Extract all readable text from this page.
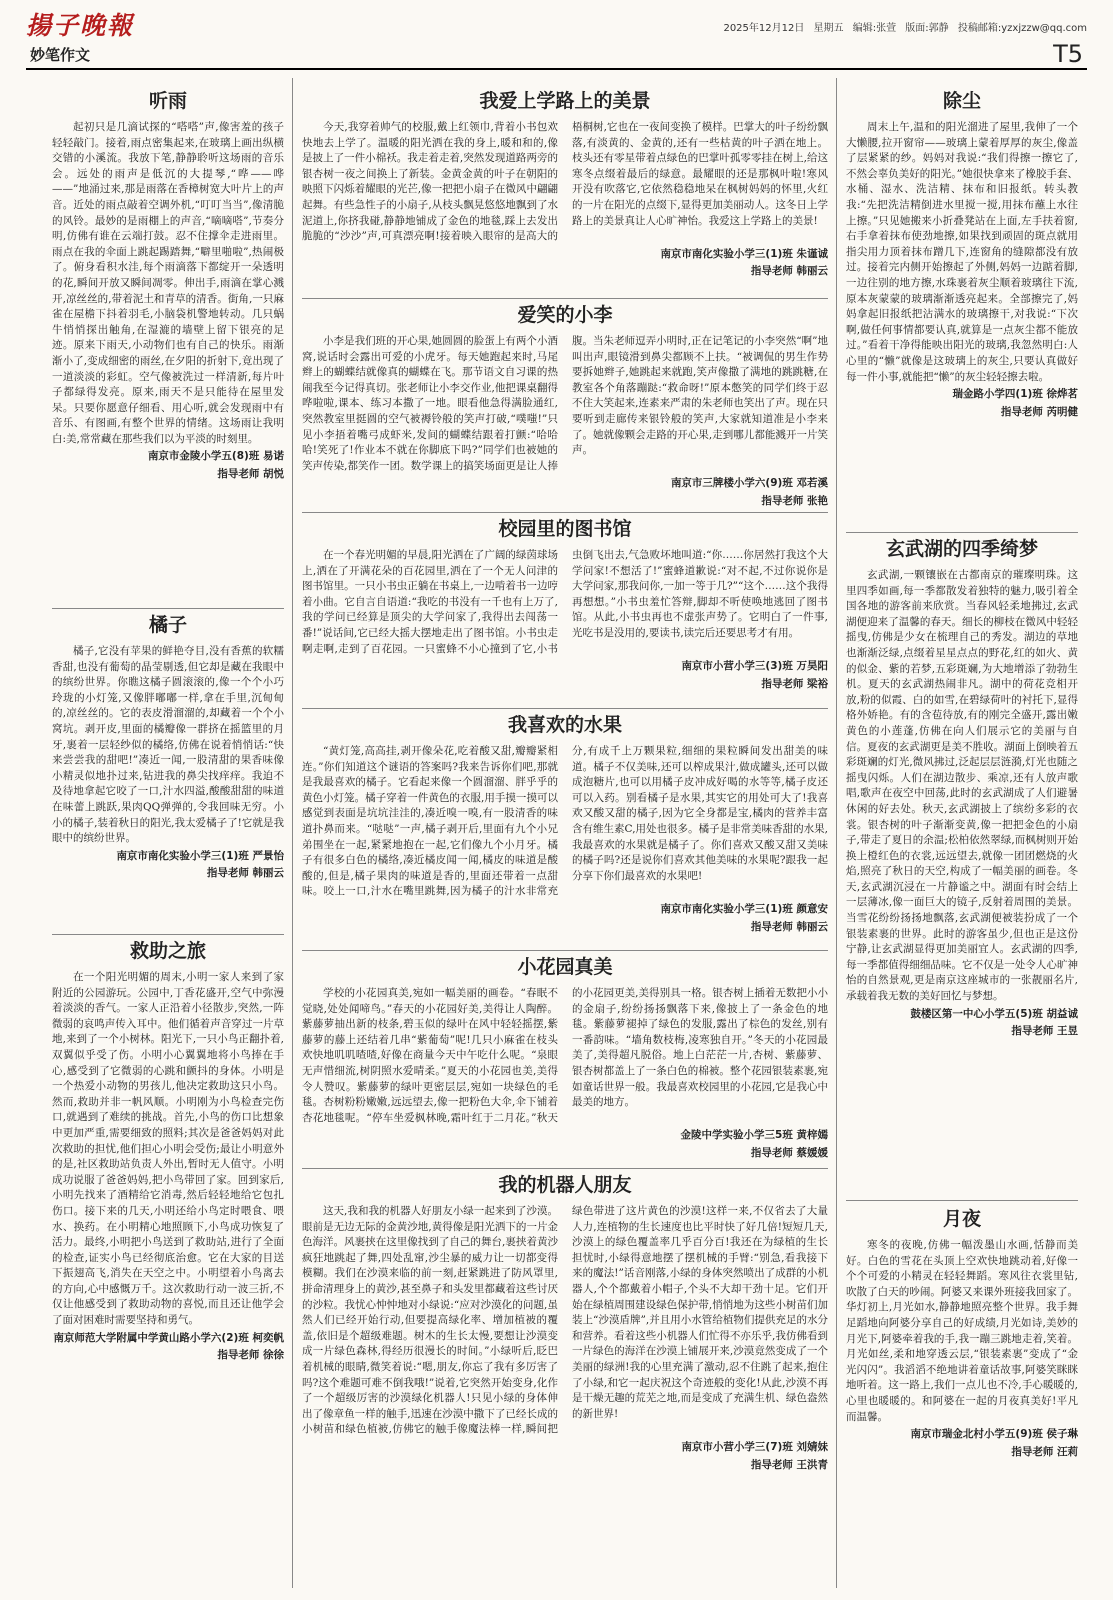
揚子晚報	2025年12月12日 星期五 编辑:张萱 版面:郭静 投稿邮箱:yzxjzzw@qq.com
妙笔作文	T5
听雨

起初只是几滴试探的“嗒嗒”声,像害羞的孩子轻轻敲门。接着,雨点密集起来,在玻璃上画出纵横交错的小溪流。我放下笔,静静聆听这场雨的音乐会。远处的雨声是低沉的大提琴,“哗——哗——”地涌过来,那是雨落在香樟树宽大叶片上的声音。近处的雨点敲着空调外机,“叮叮当当”,像清脆的风铃。最妙的是雨棚上的声音,“嘀嘀嗒”,节奏分明,仿佛有谁在云端打鼓。忍不住撑伞走进雨里。雨点在我的伞面上跳起踢踏舞,“噼里啪啦”,热闹极了。俯身看积水洼,每个雨滴落下都绽开一朵透明的花,瞬间开放又瞬间凋零。伸出手,雨滴在掌心溅开,凉丝丝的,带着泥土和青草的清香。街角,一只麻雀在屋檐下抖着羽毛,小脑袋机警地转动。几只蜗牛悄悄探出触角,在湿漉的墙壁上留下银亮的足迹。原来下雨天,小动物们也有自己的快乐。雨渐渐小了,变成细密的雨丝,在夕阳的折射下,竟出现了一道淡淡的彩虹。空气像被洗过一样清新,每片叶子都绿得发亮。原来,雨天不是只能待在屋里发呆。只要你愿意仔细看、用心听,就会发现雨中有音乐、有图画,有整个世界的情绪。这场雨让我明白:美,常常藏在那些我们以为平淡的时刻里。

南京市金陵小学五(8)班 易诺
指导老师 胡悦
橘子

橘子,它没有苹果的鲜艳夺目,没有香蕉的软糯香甜,也没有葡萄的晶莹剔透,但它却是藏在我眼中的缤纷世界。你瞧这橘子圆滚滚的,像一个个小巧玲珑的小灯笼,又像胖嘟嘟一样,拿在手里,沉甸甸的,凉丝丝的。它的表皮滑溜溜的,却藏着一个个小窝坑。剥开皮,里面的橘瓣像一群挤在摇篮里的月牙,裹着一层轻纱似的橘络,仿佛在说着悄悄话:“快来尝尝我的甜吧!”凑近一闻,一股清甜的果香味像小精灵似地扑过来,钻进我的鼻尖找痒痒。我迫不及待地拿起它咬了一口,汁水四溢,酸酸甜甜的味道在味蕾上跳跃,果肉QQ弹弹的,令我回味无穷。小小的橘子,装着秋日的阳光,我太爱橘子了!它就是我眼中的缤纷世界。

南京市南化实验小学三(1)班 严景怡
指导老师 韩丽云
救助之旅

在一个阳光明媚的周末,小明一家人来到了家附近的公园游玩。公园中,丁香花盛开,空气中弥漫着淡淡的香气。一家人正沿着小径散步,突然,一阵微弱的哀鸣声传入耳中。他们循着声音穿过一片草地,来到了一个小树林。阳光下,一只小鸟正翻扑着,双翼似乎受了伤。小明小心翼翼地将小鸟捧在手心,感受到了它微弱的心跳和颤抖的身体。小明是一个热爱小动物的男孩儿,他决定救助这只小鸟。然而,救助并非一帆风顺。小明刚为小鸟检查完伤口,就遇到了难续的挑战。首先,小鸟的伤口比想象中更加严重,需要细致的照料;其次是爸爸妈妈对此次救助的担忧,他们担心小明会受伤;最让小明意外的是,社区救助站负责人外出,暂时无人值守。小明成功说服了爸爸妈妈,把小鸟带回了家。回到家后,小明先找来了酒精给它消毒,然后轻轻地给它包扎伤口。接下来的几天,小明还给小鸟定时喂食、喂水、换药。在小明精心地照顾下,小鸟成功恢复了活力。最终,小明把小鸟送到了救助站,进行了全面的检查,证实小鸟已经彻底治愈。它在大家的目送下振翅高飞,消失在天空之中。小明望着小鸟离去的方向,心中感慨万千。这次救助行动一波三折,不仅让他感受到了救助动物的喜悦,而且还让他学会了面对困难时需要坚持和勇气。

南京师范大学附属中学黄山路小学六(2)班 柯奕帆
指导老师 徐徐
我爱上学路上的美景

今天,我穿着帅气的校服,戴上红领巾,背着小书包欢快地去上学了。温暖的阳光洒在我的身上,暖和和的,像是披上了一件小棉袄。我走着走着,突然发现道路两旁的银杏树一夜之间换上了新装。金黄金黄的叶子在朝阳的映照下闪烁着耀眼的光芒,像一把把小扇子在微风中翩翩起舞。有些急性子的小扇子,从枝头飘晃悠悠地飘到了水泥道上,你挤我碰,静静地铺成了金色的地毯,踩上去发出脆脆的“沙沙”声,可真漂亮啊!接着映入眼帘的是高大的梧桐树,它也在一夜间变换了模样。巴掌大的叶子纷纷飘落,有淡黄的、金黄的,还有一些枯黄的叶子洒在地上。枝头还有零星带着点绿色的巴掌叶孤零零挂在树上,给这寒冬点缀着最后的绿意。最耀眼的还是那枫叶啦!寒风开没有吹落它,它依然稳稳地呆在枫树妈妈的怀里,火红的一片在阳光的点缀下,显得更加美丽动人。这冬日上学路上的美景真让人心旷神怡。我爱这上学路上的美景!

南京市南化实验小学三(1)班 朱谨诚
指导老师 韩丽云
爱笑的小李

小李是我们班的开心果,她圆圆的脸蛋上有两个小酒窝,说话时会露出可爱的小虎牙。每天她跑起来时,马尾辫上的蝴蝶结就像真的蝴蝶在飞。那节语文自习课的热闹我至今记得真切。张老师让小李交作业,他把课桌翻得哗啦啦,课本、练习本撒了一地。眼看他急得满脸通红,突然教室里挺圆的空气被褥铃般的笑声打破,“噗嗤!”只见小李捂着嘴弓成虾米,发间的蝴蝶结跟着打颤:“哈哈哈!笑死了!作业本不就在你脚底下吗?”同学们也被她的笑声传染,都笑作一团。数学课上的搞笑场面更是让人捧腹。当朱老师逗弄小明时,正在记笔记的小李突然“啊”地叫出声,眼镜滑到鼻尖都顾不上扶。“被调侃的男生作势要拆她辫子,她跳起来就跑,笑声像撒了满地的跳跳糖,在教室各个角落蹦跶:“救命呀!”原本憋笑的同学们终于忍不住大笑起来,连素来严肃的朱老师也笑出了声。现在只要听到走廊传来银铃般的笑声,大家就知道准是小李来了。她就像颗会走路的开心果,走到哪儿都能溅开一片笑声。

南京市三牌楼小学六(9)班 邓若溪
指导老师 张艳
校园里的图书馆

在一个春光明媚的早晨,阳光洒在了广阔的绿茵球场上,洒在了开满花朵的百花园里,洒在了一个无人问津的图书馆里。一只小书虫正躺在书桌上,一边啃着书一边哼着小曲。它自言自语道:“我吃的书没有一千也有上万了,我的学问已经算是顶尖的大学问家了,我得出去闯荡一番!”说话间,它已经大摇大摆地走出了图书馆。小书虫走啊走啊,走到了百花园。一只蜜蜂不小心撞到了它,小书虫倒飞出去,气急败坏地叫道:“你……你居然打我这个大学问家!不想活了!”蜜蜂道歉说:“对不起,不过你说你是大学问家,那我问你,一加一等于几?”“这个……这个我得再想想。”小书虫羞忙答辩,脚却不听使唤地逃回了图书馆。从此,小书虫再也不虚张声势了。它明白了一件事,光吃书是没用的,要读书,读完后还要思考才有用。

南京市小营小学三(3)班 万昊阳
指导老师 梁裕
我喜欢的水果

“黄灯笼,高高挂,剥开像朵花,吃着酸又甜,瓣瓣紧相连。”你们知道这个谜语的答案吗?我来告诉你们吧,那就是我最喜欢的橘子。它看起来像一个圆溜溜、胖乎乎的黄色小灯笼。橘子穿着一件黄色的衣服,用手摸一摸可以感觉到表面是坑坑洼洼的,凑近嗅一嗅,有一股清香的味道扑鼻而来。“哒哒”一声,橘子剥开后,里面有九个小兄弟围坐在一起,紧紧地抱在一起,它们像九个小月牙。橘子有很多白色的橘络,凑近橘皮闻一闻,橘皮的味道是酸酸的,但是,橘子果肉的味道是香的,里面还带着一点甜味。咬上一口,汁水在嘴里跳舞,因为橘子的汁水非常充分,有成千上万颗果粒,细细的果粒瞬间发出甜美的味道。橘子不仅美味,还可以榨成果汁,做成罐头,还可以做成泡糖片,也可以用橘子皮冲成好喝的水等等,橘子皮还可以入药。别看橘子是水果,其实它的用处可大了!我喜欢又酸又甜的橘子,因为它全身都是宝,橘肉的营养丰富含有维生素C,用处也很多。橘子是非常美味香甜的水果,我最喜欢的水果就是橘子了。你们喜欢又酸又甜又美味的橘子吗?还是说你们喜欢其他美味的水果呢?跟我一起分享下你们最喜欢的水果吧!

南京市南化实验小学三(1)班 颜意安
指导老师 韩丽云
小花园真美

学校的小花园真美,宛如一幅美丽的画卷。“春眠不觉晓,处处闻啼鸟。”春天的小花园好美,美得让人陶醉。紫藤萝抽出新的枝条,碧玉似的绿叶在风中轻轻摇摆,紫藤萝的藤上还结着几串“紫葡萄”呢!几只小麻雀在枝头欢快地叽叽喳喳,好像在商量今天中午吃什么呢。“泉眼无声惜细流,树阴照水爱晴柔。”夏天的小花园也美,美得令人赞叹。紫藤萝的绿叶更密层层,宛如一块绿色的毛毯。杏树粉粉嫩嫩,远远望去,像一把粉色大伞,伞下铺着杏花地毯呢。“停车坐爱枫林晚,霜叶红于二月花。”秋天的小花园更美,美得别具一格。银杏树上插着无数把小小的金扇子,纷纷扬扬飘落下来,像披上了一条金色的地毯。紫藤萝褪掉了绿色的发服,露出了棕色的发丝,别有一番韵味。“墙角数枝梅,凌寒独自开。”冬天的小花园最美了,美得超凡脱俗。地上白茫茫一片,杏树、紫藤萝、银杏树都盖上了一条白色的棉被。整个花园银装素裹,宛如童话世界一般。我最喜欢校园里的小花园,它是我心中最美的地方。

金陵中学实验小学三5班 黄梓嫣
指导老师 蔡媛媛
我的机器人朋友

这天,我和我的机器人好朋友小绿一起来到了沙漠。眼前是无边无际的金黄沙地,黄得像是阳光洒下的一片金色海洋。风裹挟在这里像找到了自己的舞台,裹挟着黄沙疯狂地跳起了舞,四处乱窜,沙尘暴的威力让一切都变得模糊。我们在沙漠来临的前一刻,赶紧跳进了防风罩里,拼命清理身上的黄沙,甚至鼻子和头发里都藏着这些讨厌的沙粒。我忧心忡忡地对小绿说:“应对沙漠化的问题,虽然人们已经开始行动,但要提高绿化率、增加植被的覆盖,依旧是个超级难题。树木的生长太慢,要想让沙漠变成一片绿色森林,得经历很漫长的时间。”小绿听后,眨巴着机械的眼睛,微笑着说:“嗯,朋友,你忘了我有多厉害了吗?这个难题可难不倒我哦!”说着,它突然开始变身,化作了一个超级厉害的沙漠绿化机器人!只见小绿的身体伸出了像章鱼一样的触手,迅速在沙漠中撒下了已经长成的小树苗和绿色植被,仿佛它的触手像魔法棒一样,瞬间把绿色带进了这片黄色的沙漠!这样一来,不仅省去了大量人力,连植物的生长速度也比平时快了好几倍!短短几天,沙漠上的绿色覆盖率几乎百分百!我还在为绿植的生长担忧时,小绿得意地摆了摆机械的手臂:“别急,看我接下来的魔法!”话音刚落,小绿的身体突然喷出了成群的小机器人,个个都戴着小帽子,个头不大却干劲十足。它们开始在绿植周围建设绿色保护带,悄悄地为这些小树苗们加装上“沙漠盾牌”,并且用小水管给植物们提供充足的水分和营养。看着这些小机器人们忙得不亦乐乎,我仿佛看到一片绿色的海洋在沙漠上铺展开来,沙漠竟然变成了一个美丽的绿洲!我的心里充满了激动,忍不住跳了起来,抱住了小绿,和它一起庆祝这个奇迹般的变化!从此,沙漠不再是干燥无趣的荒芜之地,而是变成了充满生机、绿色盎然的新世界!

南京市小营小学三(7)班 刘婧妹
指导老师 王洪青
除尘

周末上午,温和的阳光溜进了屋里,我伸了一个大懒腰,拉开窗帘——玻璃上蒙着厚厚的灰尘,像盖了层紧紧的纱。妈妈对我说:“我们得擦一擦它了,不然会辜负美好的阳光。”她很快拿来了橡胶手套、水桶、湿水、洗洁精、抹布和旧报纸。转头教我:“先把洗洁精倒进水里搅一搅,用抹布蘸上水往上擦。”只见她搬来小折叠凳站在上面,左手扶着窗,右手拿着抹布使劲地擦,如果找到顽固的斑点就用指尖用力顶着抹布蹭几下,连窗角的缝隙都没有放过。接着完内侧开始擦起了外侧,妈妈一边踮着脚,一边往别的地方擦,水珠裹着灰尘顺着玻璃往下流,原本灰蒙蒙的玻璃渐渐透亮起来。全部擦完了,妈妈拿起旧报纸把沾满水的玻璃擦干,对我说:“下次啊,做任何事情都要认真,就算是一点灰尘都不能放过。”看着干净得能映出阳光的玻璃,我忽然明白:人心里的“懒”就像是这玻璃上的灰尘,只要认真做好每一件小事,就能把“懒”的灰尘轻轻擦去啦。

瑞金路小学四(1)班 徐烨茗
指导老师 芮明健
玄武湖的四季绮梦

玄武湖,一颗镶嵌在古都南京的璀璨明珠。这里四季如画,每一季都散发着独特的魅力,吸引着全国各地的游客前来欣赏。当春风轻柔地拂过,玄武湖便迎来了温馨的春天。细长的柳枝在微风中轻轻摇曳,仿佛是少女在梳理自己的秀发。湖边的草地也渐渐泛绿,点缀着星星点点的野花,红的如火、黄的似金、紫的若梦,五彩斑斓,为大地增添了勃勃生机。夏天的玄武湖热闹非凡。湖中的荷花竞相开放,粉的似霞、白的如雪,在碧绿荷叶的衬托下,显得格外娇艳。有的含苞待放,有的刚完全盛开,露出嫩黄色的小莲蓬,仿佛在向人们展示它的美丽与自信。夏夜的玄武湖更是美不胜收。湖面上倒映着五彩斑斓的灯光,微风拂过,泛起层层涟漪,灯光也随之摇曳闪烁。人们在湖边散步、乘凉,还有人放声歌唱,歌声在夜空中回荡,此时的玄武湖成了人们避暑休闲的好去处。秋天,玄武湖披上了缤纷多彩的衣裳。银杏树的叶子渐渐变黄,像一把把金色的小扇子,带走了夏日的余温;松柏依然翠绿,而枫树则开始换上橙红色的衣裳,远远望去,就像一团团燃烧的火焰,照亮了秋日的天空,构成了一幅美丽的画卷。冬天,玄武湖沉浸在一片静谧之中。湖面有时会结上一层薄冰,像一面巨大的镜子,反射着周围的美景。当雪花纷纷扬扬地飘落,玄武湖便被装扮成了一个银装素裹的世界。此时的游客虽少,但也正是这份宁静,让玄武湖显得更加美丽宜人。玄武湖的四季,每一季都值得细细品味。它不仅是一处令人心旷神怡的自然景观,更是南京这座城市的一张靓丽名片,承载着我无数的美好回忆与梦想。

鼓楼区第一中心小学五(5)班 胡益诚
指导老师 王昱
月夜

寒冬的夜晚,仿佛一幅泼墨山水画,恬静而美好。白色的雪花在头顶上空欢快地跳动着,好像一个个可爱的小精灵在轻轻舞蹈。寒风往衣裳里钻,吹散了白天的吵闹。阿婆又来课外班接我回家了。华灯初上,月光如水,静静地照亮整个世界。我手舞足蹈地向阿婆分享自己的好成绩,月光如诗,美妙的月光下,阿婆牵着我的手,我一蹦三跳地走着,笑着。月光如丝,柔和地穿透云层,“银装素裹”变成了“金光闪闪”。我滔滔不绝地讲着童话故事,阿婆笑眯眯地听着。这一路上,我们一点儿也不冷,手心暖暖的,心里也暖暖的。和阿婆在一起的月夜真美好!平凡而温馨。

南京市瑞金北村小学五(9)班 侯子琳
指导老师 汪莉
